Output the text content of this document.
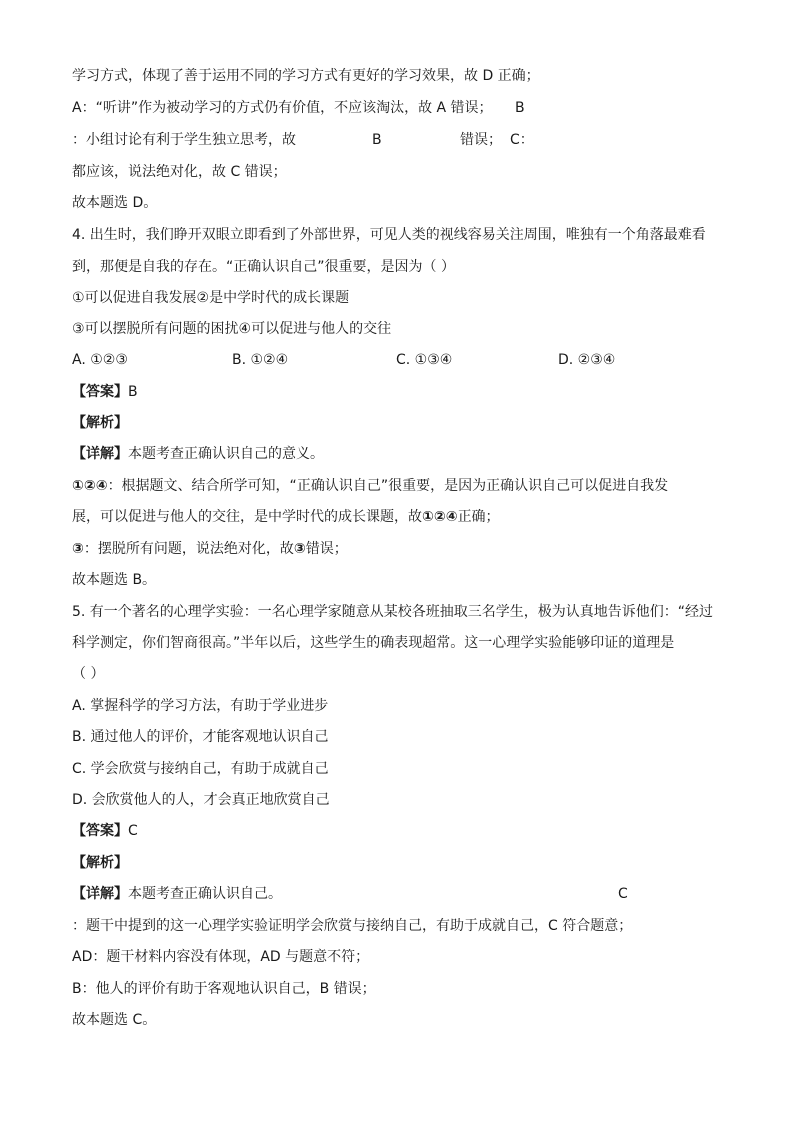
学习方式，体现了善于运用不同的学习方式有更好的学习效果，故 D 正确；
A：“听讲”作为被动学习的方式仍有价值，不应该淘汰，故 A 错误； B
：小组讨论有利于学生独立思考，故	B	错误； C：
都应该，说法绝对化，故 C 错误；
故本题选 D。
4. 出生时，我们睁开双眼立即看到了外部世界，可见人类的视线容易关注周围，唯独有一个角落最难看
到，那便是自我的存在。“正确认识自己”很重要，是因为（ ）
①可以促进自我发展②是中学时代的成长课题
③可以摆脱所有问题的困扰④可以促进与他人的交往
A. ①②③	B. ①②④	C. ①③④	D. ②③④
【答案】B
【解析】
【详解】本题考查正确认识自己的意义。
①②④：根据题文、结合所学可知，“正确认识自己”很重要，是因为正确认识自己可以促进自我发
展，可以促进与他人的交往，是中学时代的成长课题，故①②④正确；
③：摆脱所有问题，说法绝对化，故③错误；
故本题选 B。
5. 有一个著名的心理学实验：一名心理学家随意从某校各班抽取三名学生，极为认真地告诉他们：“经过
科学测定，你们智商很高。”半年以后，这些学生的确表现超常。这一心理学实验能够印证的道理是
（ ）
A. 掌握科学的学习方法，有助于学业进步
B. 通过他人的评价，才能客观地认识自己
C. 学会欣赏与接纳自己，有助于成就自己
D. 会欣赏他人的人，才会真正地欣赏自己
【答案】C
【解析】
【详解】本题考查正确认识自己。	C
：题干中提到的这一心理学实验证明学会欣赏与接纳自己，有助于成就自己，C 符合题意；
AD：题干材料内容没有体现，AD 与题意不符；
B：他人的评价有助于客观地认识自己，B 错误；
故本题选 C。
